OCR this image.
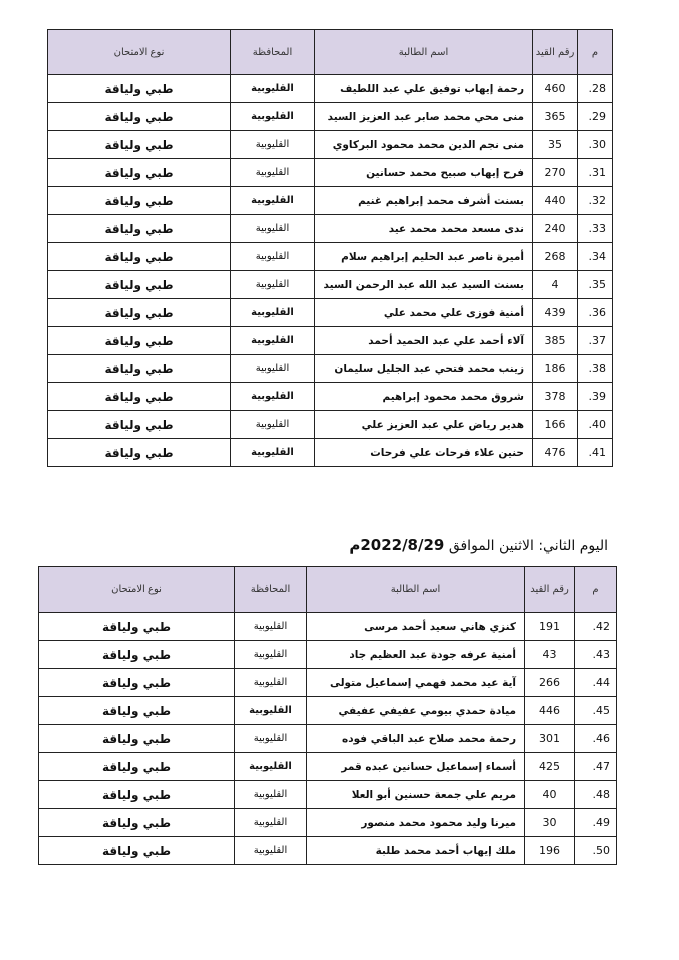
م	رقم القيد	اسم الطالبة	المحافظة	نوع الامتحان
28.	460	رحمة إيهاب توفيق علي عبد اللطيف	القليوبية	طبي ولياقة
29.	365	منى محي محمد صابر عبد العزيز السيد	القليوبية	طبي ولياقة
30.	35	منى نجم الدين محمد محمود البركاوي	القليوبية	طبي ولياقة
31.	270	فرح إيهاب صبيح محمد حسانين	القليوبية	طبي ولياقة
32.	440	بسنت أشرف محمد إبراهيم غنيم	القليوبية	طبي ولياقة
33.	240	ندى مسعد محمد محمد عيد	القليوبية	طبي ولياقة
34.	268	أميرة ناصر عبد الحليم إبراهيم سلام	القليوبية	طبي ولياقة
35.	4	بسنت السيد عبد الله عبد الرحمن السيد	القليوبية	طبي ولياقة
36.	439	أمنية فوزى علي محمد علي	القليوبية	طبي ولياقة
37.	385	آلاء أحمد علي عبد الحميد أحمد	القليوبية	طبي ولياقة
38.	186	زينب محمد فتحي عبد الجليل سليمان	القليوبية	طبي ولياقة
39.	378	شروق محمد محمود إبراهيم	القليوبية	طبي ولياقة
40.	166	هدير رياض علي عبد العزيز علي	القليوبية	طبي ولياقة
41.	476	حنين علاء فرحات علي فرحات	القليوبية	طبي ولياقة
اليوم الثاني: الاثنين الموافق 2022/8/29م
م	رقم القيد	اسم الطالبة	المحافظة	نوع الامتحان
42.	191	كنزي هاني سعيد أحمد مرسى	القليوبية	طبي ولياقة
43.	43	أمنية عرفه جودة عبد العظيم جاد	القليوبية	طبي ولياقة
44.	266	آية عيد محمد فهمي إسماعيل متولى	القليوبية	طبي ولياقة
45.	446	ميادة حمدي بيومي عفيفي عفيفي	القليوبية	طبي ولياقة
46.	301	رحمة محمد صلاح عبد الباقي فوده	القليوبية	طبي ولياقة
47.	425	أسماء إسماعيل حسانين عبده قمر	القليوبية	طبي ولياقة
48.	40	مريم علي جمعة حسنين أبو العلا	القليوبية	طبي ولياقة
49.	30	ميرنا وليد محمود محمد منصور	القليوبية	طبي ولياقة
50.	196	ملك إيهاب أحمد محمد طلبة	القليوبية	طبي ولياقة
